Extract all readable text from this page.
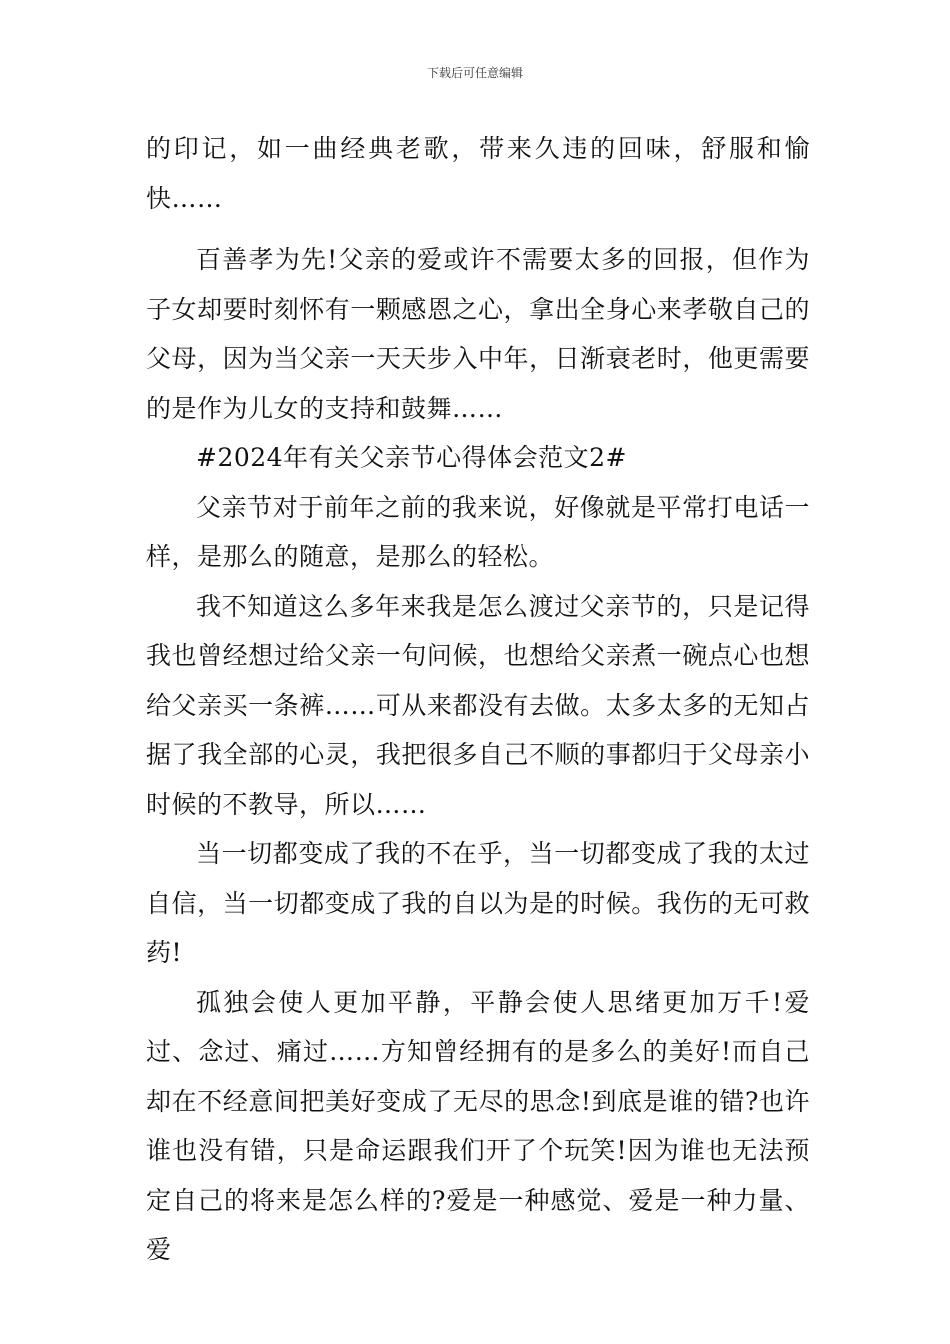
下载后可任意编辑

的印记，如一曲经典老歌，带来久违的回味，舒服和愉快……

百善孝为先!父亲的爱或许不需要太多的回报，但作为子女却要时刻怀有一颗感恩之心，拿出全身心来孝敬自己的父母，因为当父亲一天天步入中年，日渐衰老时，他更需要的是作为儿女的支持和鼓舞……

#2024年有关父亲节心得体会范文2#

父亲节对于前年之前的我来说，好像就是平常打电话一样，是那么的随意，是那么的轻松。

我不知道这么多年来我是怎么渡过父亲节的，只是记得我也曾经想过给父亲一句问候，也想给父亲煮一碗点心也想给父亲买一条裤……可从来都没有去做。太多太多的无知占据了我全部的心灵，我把很多自己不顺的事都归于父母亲小时候的不教导，所以……

当一切都变成了我的不在乎，当一切都变成了我的太过自信，当一切都变成了我的自以为是的时候。我伤的无可救药!

孤独会使人更加平静，平静会使人思绪更加万千!爱过、念过、痛过……方知曾经拥有的是多么的美好!而自己却在不经意间把美好变成了无尽的思念!到底是谁的错?也许谁也没有错，只是命运跟我们开了个玩笑!因为谁也无法预定自己的将来是怎么样的?爱是一种感觉、爱是一种力量、爱
